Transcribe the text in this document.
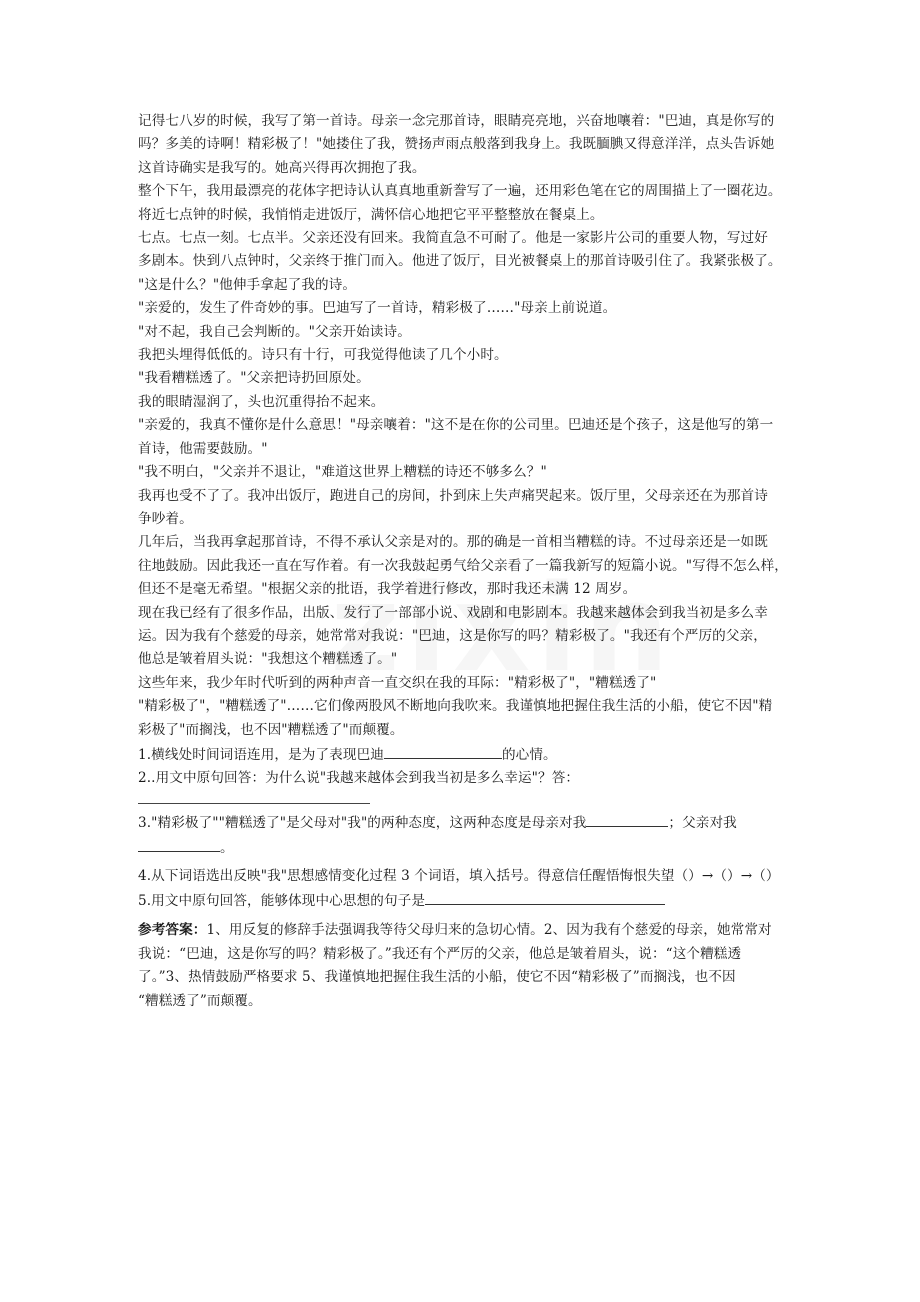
记得七八岁的时候，我写了第一首诗。母亲一念完那首诗，眼睛亮亮地，兴奋地嚷着："巴迪，真是你写的
吗？多美的诗啊！精彩极了！"她搂住了我，赞扬声雨点般落到我身上。我既腼腆又得意洋洋，点头告诉她
这首诗确实是我写的。她高兴得再次拥抱了我。
整个下午，我用最漂亮的花体字把诗认认真真地重新誊写了一遍，还用彩色笔在它的周围描上了一圈花边。
将近七点钟的时候，我悄悄走进饭厅，满怀信心地把它平平整整放在餐桌上。
七点。七点一刻。七点半。父亲还没有回来。我简直急不可耐了。他是一家影片公司的重要人物，写过好
多剧本。快到八点钟时，父亲终于推门而入。他进了饭厅，目光被餐桌上的那首诗吸引住了。我紧张极了。
"这是什么？"他伸手拿起了我的诗。
"亲爱的，发生了件奇妙的事。巴迪写了一首诗，精彩极了……"母亲上前说道。
"对不起，我自己会判断的。"父亲开始读诗。
我把头埋得低低的。诗只有十行，可我觉得他读了几个小时。
"我看糟糕透了。"父亲把诗扔回原处。
我的眼睛湿润了，头也沉重得抬不起来。
"亲爱的，我真不懂你是什么意思！"母亲嚷着："这不是在你的公司里。巴迪还是个孩子，这是他写的第一
首诗，他需要鼓励。"
"我不明白，"父亲并不退让，"难道这世界上糟糕的诗还不够多么？"
我再也受不了了。我冲出饭厅，跑进自己的房间，扑到床上失声痛哭起来。饭厅里，父母亲还在为那首诗
争吵着。
几年后，当我再拿起那首诗，不得不承认父亲是对的。那的确是一首相当糟糕的诗。不过母亲还是一如既
往地鼓励。因此我还一直在写作着。有一次我鼓起勇气给父亲看了一篇我新写的短篇小说。"写得不怎么样，
但还不是毫无希望。"根据父亲的批语，我学着进行修改，那时我还未满 12 周岁。
现在我已经有了很多作品，出版、发行了一部部小说、戏剧和电影剧本。我越来越体会到我当初是多么幸
运。因为我有个慈爱的母亲，她常常对我说："巴迪，这是你写的吗？精彩极了。"我还有个严厉的父亲，
他总是皱着眉头说："我想这个糟糕透了。"
这些年来，我少年时代听到的两种声音一直交织在我的耳际："精彩极了"，"糟糕透了"
"精彩极了"，"糟糕透了"……它们像两股风不断地向我吹来。我谨慎地把握住我生活的小船，使它不因"精
彩极了"而搁浅，也不因"糟糕透了"而颠覆。
1.横线处时间词语连用，是为了表现巴迪	的心情。
2..用文中原句回答：为什么说"我越来越体会到我当初是多么幸运"？答：
3."精彩极了""糟糕透了"是父母对"我"的两种态度，这两种态度是母亲对我	；父亲对我
。
4.从下词语选出反映"我"思想感情变化过程 3 个词语，填入括号。得意信任醒悟悔恨失望（）→（）→（）
5.用文中原句回答，能够体现中心思想的句子是
参考答案：1、用反复的修辞手法强调我等待父母归来的急切心情。2、因为我有个慈爱的母亲，她常常对
我说：“巴迪，这是你写的吗？精彩极了。”我还有个严厉的父亲，他总是皱着眉头，说：“这个糟糕透
了。”3、热情鼓励严格要求 5、我谨慎地把握住我生活的小船，使它不因“精彩极了”而搁浅，也不因
“糟糕透了”而颠覆。
